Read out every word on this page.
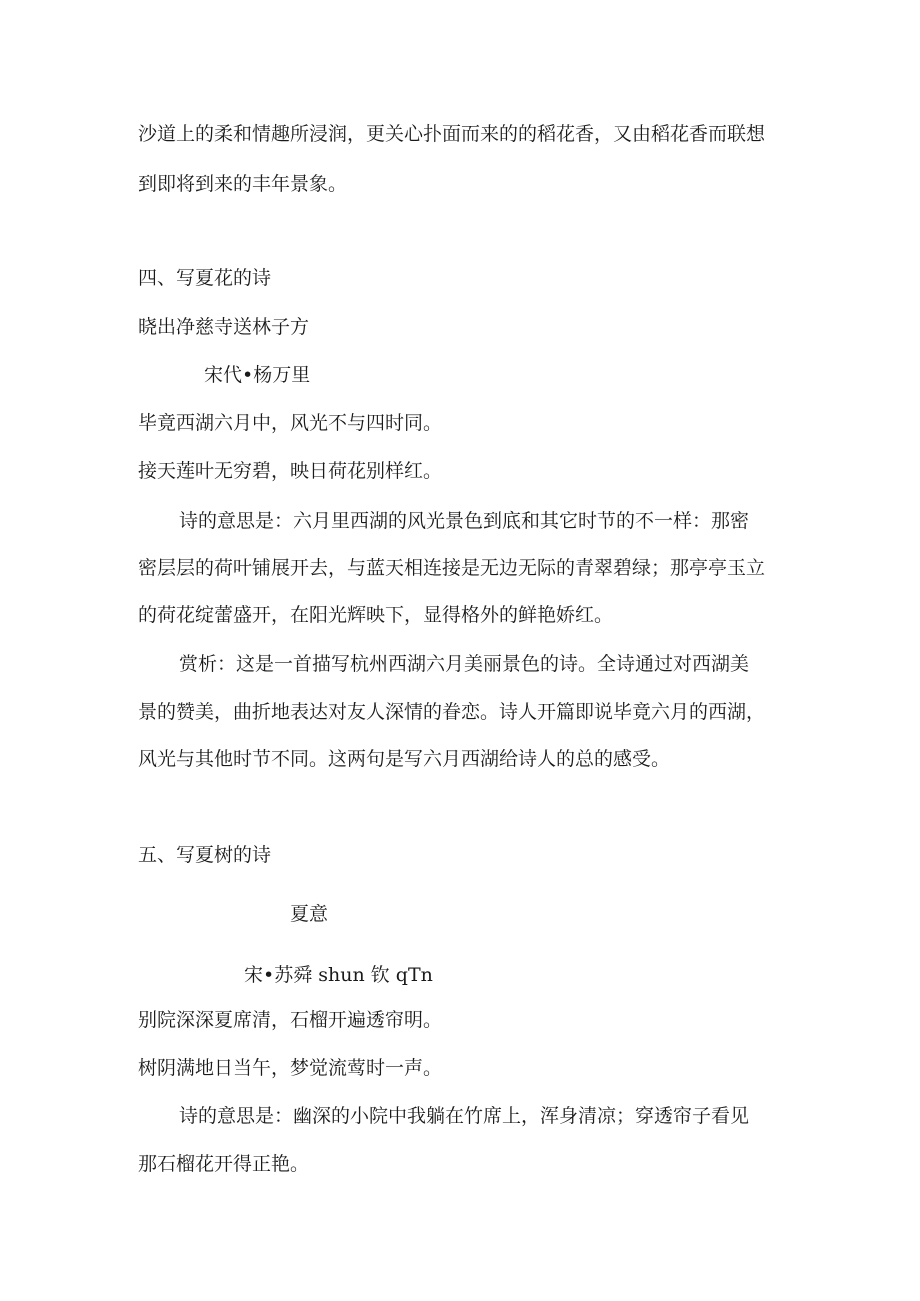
沙道上的柔和情趣所浸润，更关心扑面而来的的稻花香，又由稻花香而联想
到即将到来的丰年景象。
四、写夏花的诗
晓出净慈寺送林子方
宋代•杨万里
毕竟西湖六月中，风光不与四时同。
接天莲叶无穷碧，映日荷花别样红。
诗的意思是：六月里西湖的风光景色到底和其它时节的不一样：那密
密层层的荷叶铺展开去，与蓝天相连接是无边无际的青翠碧绿；那亭亭玉立
的荷花绽蕾盛开，在阳光辉映下，显得格外的鲜艳娇红。
赏析：这是一首描写杭州西湖六月美丽景色的诗。全诗通过对西湖美
景的赞美，曲折地表达对友人深情的眷恋。诗人开篇即说毕竟六月的西湖，
风光与其他时节不同。这两句是写六月西湖给诗人的总的感受。
五、写夏树的诗
夏意
宋•苏舜 shun 钦 qTn
别院深深夏席清，石榴开遍透帘明。
树阴满地日当午，梦觉流莺时一声。
诗的意思是：幽深的小院中我躺在竹席上，浑身清凉；穿透帘子看见
那石榴花开得正艳。
